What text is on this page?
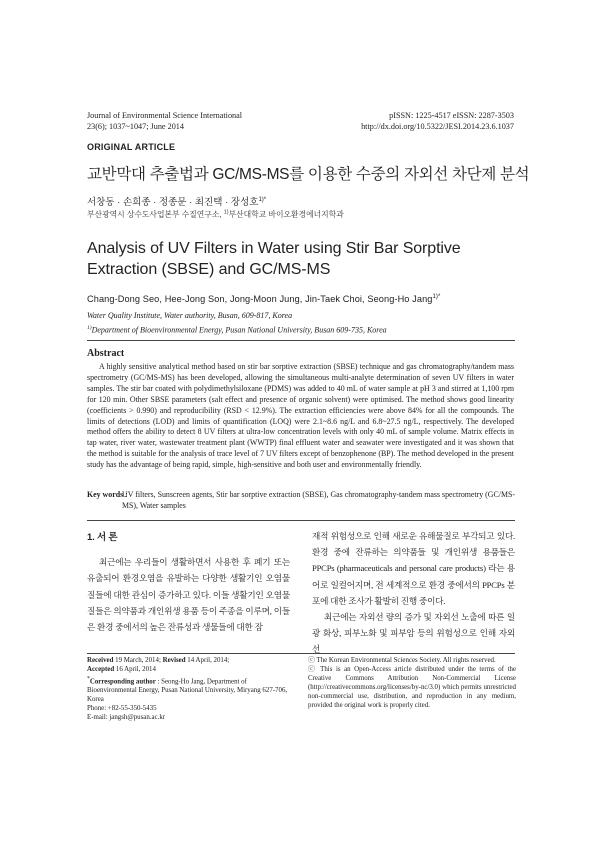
Journal of Environmental Science International
23(6); 1037~1047; June 2014
pISSN: 1225-4517 eISSN: 2287-3503
http://dx.doi.org/10.5322/JESI.2014.23.6.1037
ORIGINAL ARTICLE
교반막대 추출법과 GC/MS-MS를 이용한 수중의 자외선 차단제 분석
서창동 · 손희종 · 정종문 · 최진택 · 장성호$^{1)*}$
부산광역시 상수도사업본부 수질연구소, $^{1)}$부산대학교 바이오환경에너지학과
Analysis of UV Filters in Water using Stir Bar Sorptive Extraction (SBSE) and GC/MS-MS
Chang-Dong Seo, Hee-Jong Son, Jong-Moon Jung, Jin-Taek Choi, Seong-Ho Jang$^{1)*}$
Water Quality Institute, Water authority, Busan, 609-817, Korea
$^{1)}$Department of Bioenvironmental Energy, Pusan National University, Busan 609-735, Korea
Abstract
A highly sensitive analytical method based on stir bar sorptive extraction (SBSE) technique and gas chromatography/tandem mass spectrometry (GC/MS-MS) has been developed, allowing the simultaneous multi-analyte determination of seven UV filters in water samples. The stir bar coated with polydimethylsiloxane (PDMS) was added to 40 mL of water sample at pH 3 and stirred at 1,100 rpm for 120 min. Other SBSE parameters (salt effect and presence of organic solvent) were optimised. The method shows good linearity (coefficients > 0.990) and reproducibility (RSD < 12.9%). The extraction efficiencies were above 84% for all the compounds. The limits of detections (LOD) and limits of quantification (LOQ) were 2.1~8.6 ng/L and 6.8~27.5 ng/L, respectively. The developed method offers the ability to detect 8 UV filters at ultra-low concentration levels with only 40 mL of sample volume. Matrix effects in tap water, river water, wastewater treatment plant (WWTP) final effluent water and seawater were investigated and it was shown that the method is suitable for the analysis of trace level of 7 UV filters except of benzophenone (BP). The method developed in the present study has the advantage of being rapid, simple, high-sensitive and both user and environmentally friendly.
Key words :
UV filters, Sunscreen agents, Stir bar sorptive extraction (SBSE), Gas chromatography-tandem mass spectrometry (GC/MS-MS), Water samples
1. 서 론
최근에는 우리들이 생활하면서 사용한 후 폐기 또는 유출되어 환경오염을 유발하는 다양한 생활기인 오염물질들에 대한 관심이 증가하고 있다. 이들 생활기인 오염물질들은 의약품과 개인위생 용품 등이 주종을 이루며, 이들은 환경 중에서의 높은 잔류성과 생물들에 대한 잠
재적 위험성으로 인해 새로운 유해물질로 부각되고 있다. 환경 중에 잔류하는 의약품들 및 개인위생 용품들은 PPCPs (pharmaceuticals and personal care products) 라는 용어로 일컬어지며, 전 세계적으로 환경 중에서의 PPCPs 분포에 대한 조사가 활발히 진행 중이다.
최근에는 자외선 량의 증가 및 자외선 노출에 따른 일광 화상, 피부노화 및 피부암 등의 위험성으로 인해 자외선
Received 19 March, 2014; Revised 14 April, 2014;
Accepted 16 April, 2014
*Corresponding author : Seong-Ho Jang, Department of Bioenvironmental Energy, Pusan National University, Miryang 627-706, Korea
Phone: +82-55-350-5435
E-mail: jangsh@pusan.ac.kr
ⓒ The Korean Environmental Sciences Society. All rights reserved.
ⓒ This is an Open-Access article distributed under the terms of the Creative Commons Attribution Non-Commercial License (http://creativecommons.org/licenses/by-nc/3.0) which permits unrestricted non-commercial use, distribution, and reproduction in any medium, provided the original work is properly cited.
